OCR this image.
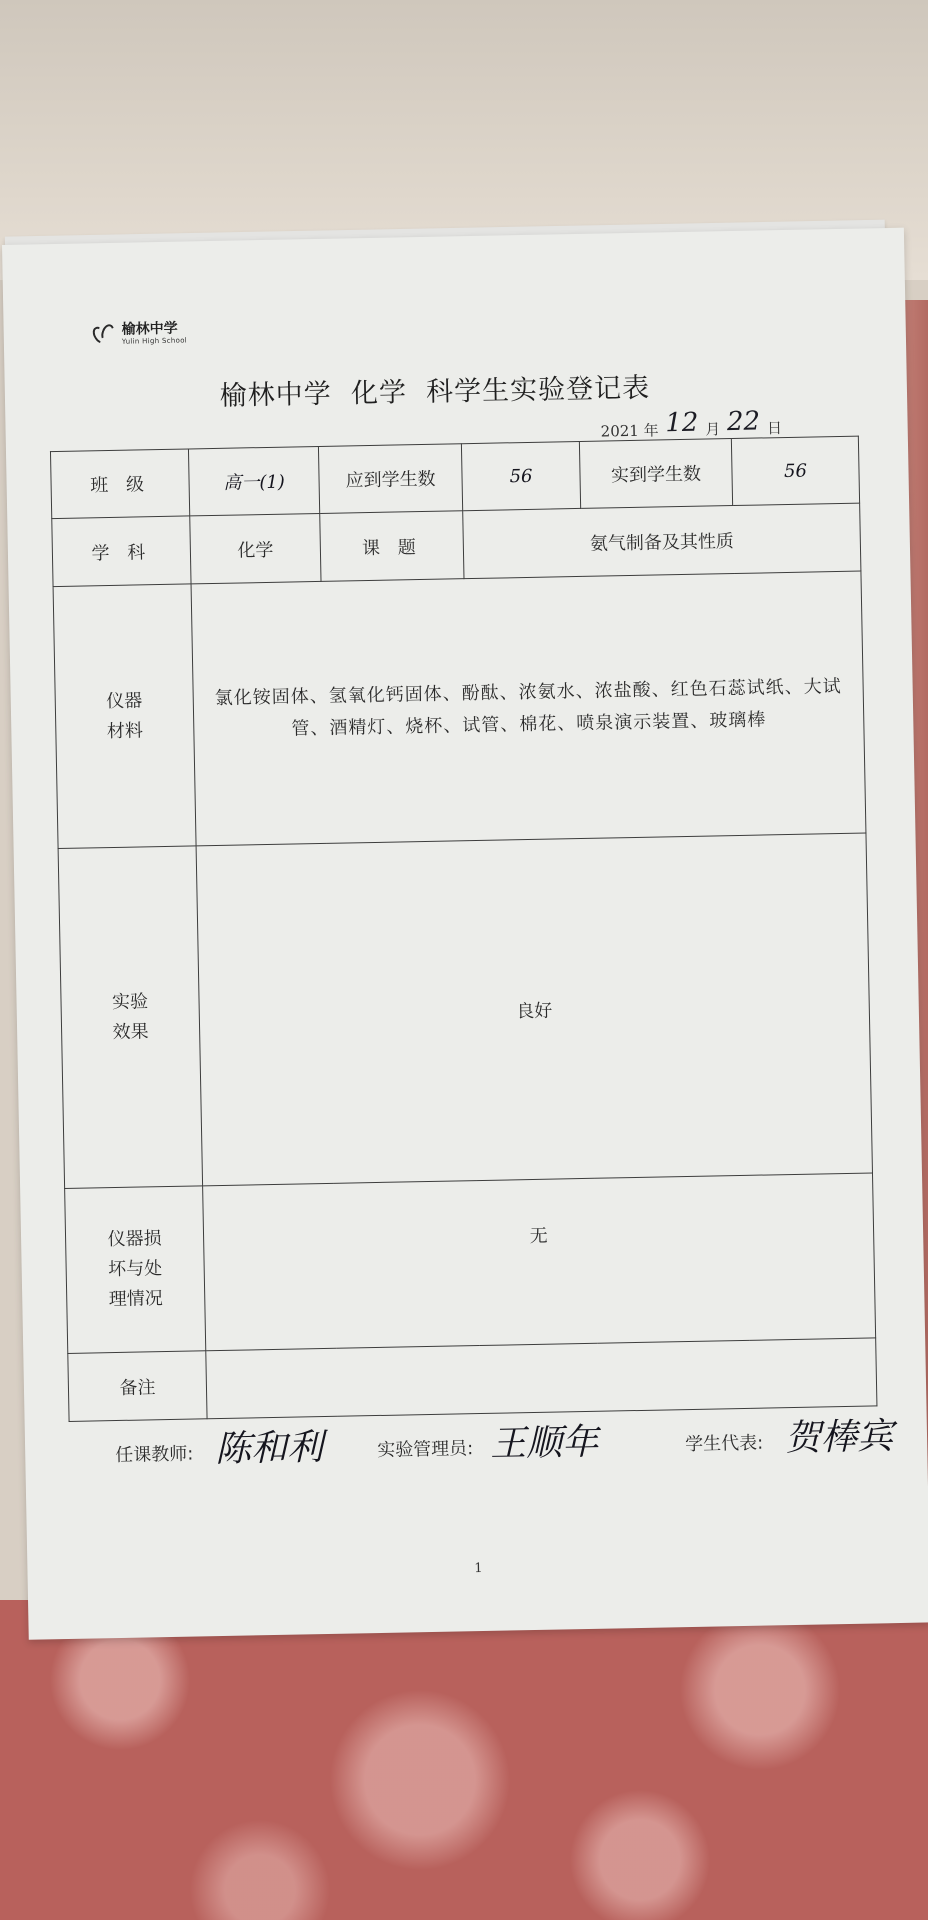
榆林中学
Yulin High School
榆林中学  化学  科学生实验登记表
2021 年 12 月 22 日
班 级	高一(1)	应到学生数	56	实到学生数	56
学 科	化学	课 题	氨气制备及其性质		
仪器
材料	氯化铵固体、氢氧化钙固体、酚酞、浓氨水、浓盐酸、红色石蕊试纸、大试管、酒精灯、烧杯、试管、棉花、喷泉演示装置、玻璃棒				
实验
效果	良好				
仪器损
坏与处
理情况	无				
备注					
任课教师: 陈和利	实验管理员: 王顺年	学生代表: 贺棒宾
1
